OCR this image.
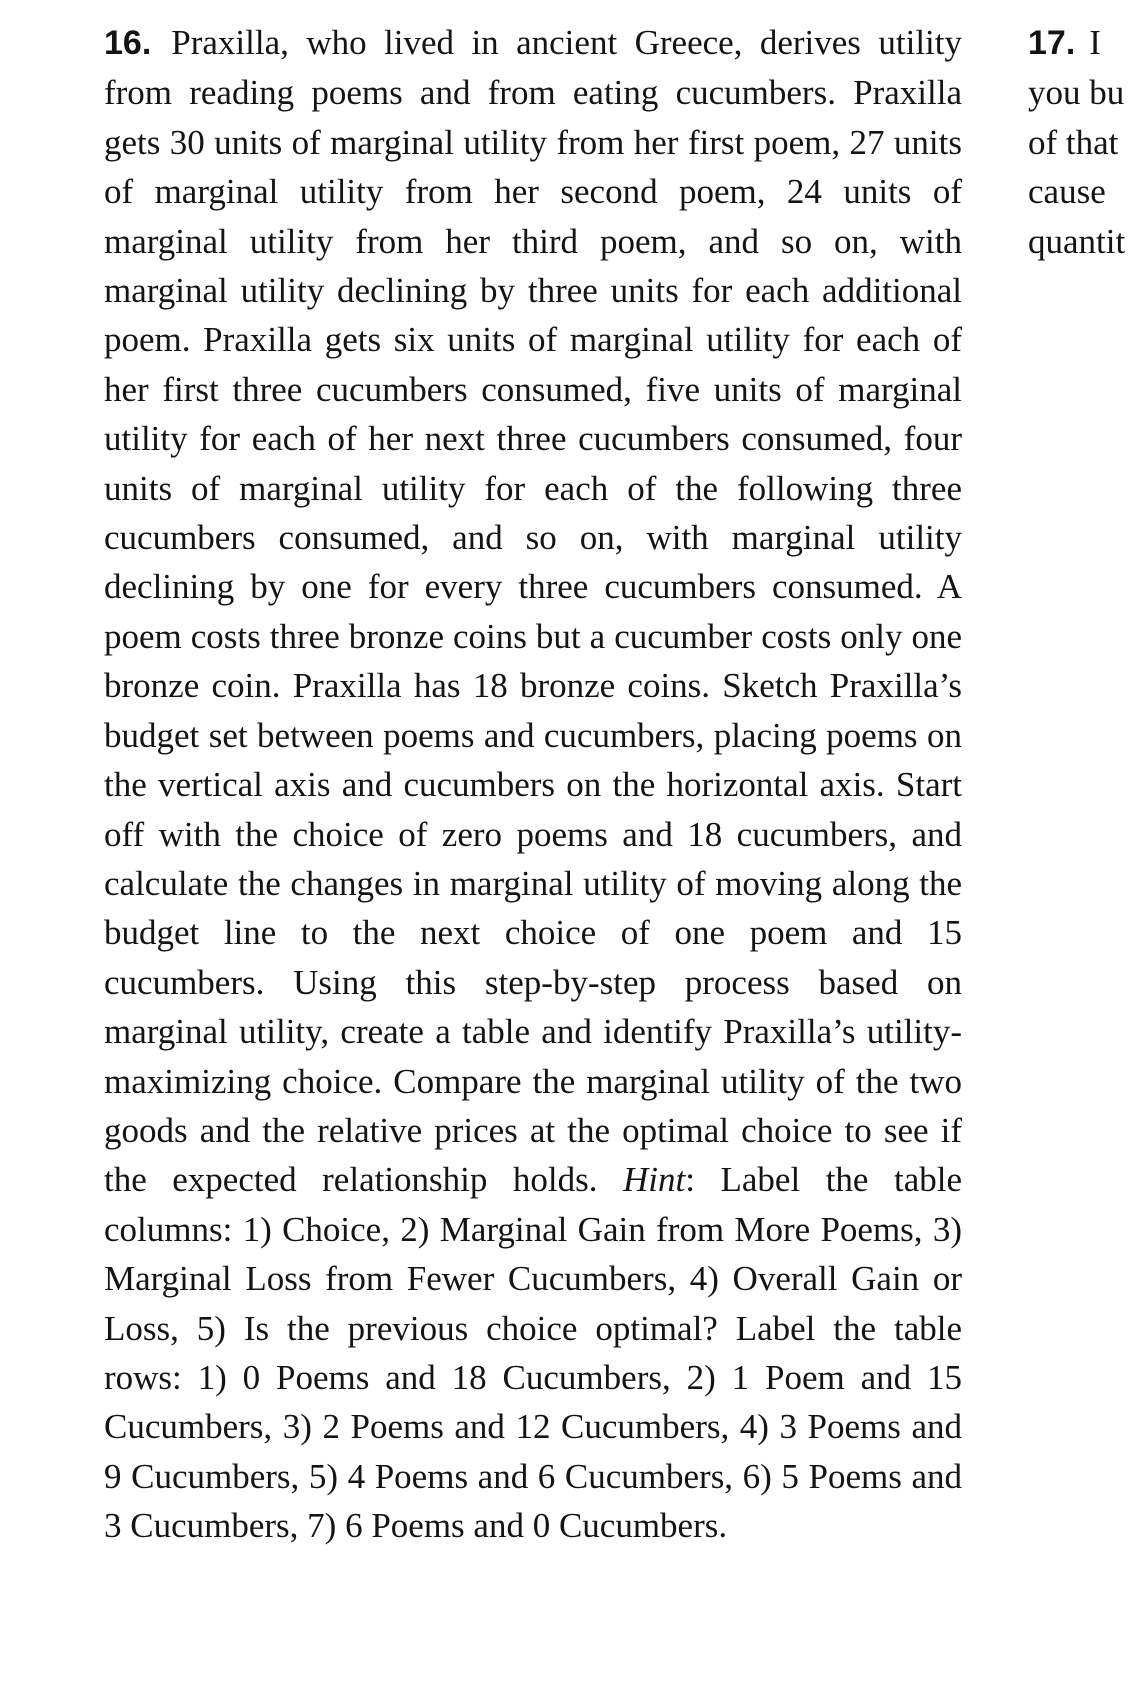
16. Praxilla, who lived in ancient Greece, derives utility from reading poems and from eating cucumbers. Praxilla gets 30 units of marginal utility from her first poem, 27 units of marginal utility from her second poem, 24 units of marginal utility from her third poem, and so on, with marginal utility declining by three units for each additional poem. Praxilla gets six units of marginal utility for each of her first three cucumbers consumed, five units of marginal utility for each of her next three cucumbers consumed, four units of marginal utility for each of the following three cucumbers consumed, and so on, with marginal utility declining by one for every three cucumbers consumed. A poem costs three bronze coins but a cucumber costs only one bronze coin. Praxilla has 18 bronze coins. Sketch Praxilla’s budget set between poems and cucumbers, placing poems on the vertical axis and cucumbers on the horizontal axis. Start off with the choice of zero poems and 18 cucumbers, and calculate the changes in marginal utility of moving along the budget line to the next choice of one poem and 15 cucumbers. Using this step-by-step process based on marginal utility, create a table and identify Praxilla’s utility-maximizing choice. Compare the marginal utility of the two goods and the relative prices at the optimal choice to see if the expected relationship holds. Hint: Label the table columns: 1) Choice, 2) Marginal Gain from More Poems, 3) Marginal Loss from Fewer Cucumbers, 4) Overall Gain or Loss, 5) Is the previous choice optimal? Label the table rows: 1) 0 Poems and 18 Cucumbers, 2) 1 Poem and 15 Cucumbers, 3) 2 Poems and 12 Cucumbers, 4) 3 Poems and 9 Cucumbers, 5) 4 Poems and 6 Cucumbers, 6) 5 Poems and 3 Cucumbers, 7) 6 Poems and 0 Cucumbers.

17. I
you bu
of that
cause
quantit
